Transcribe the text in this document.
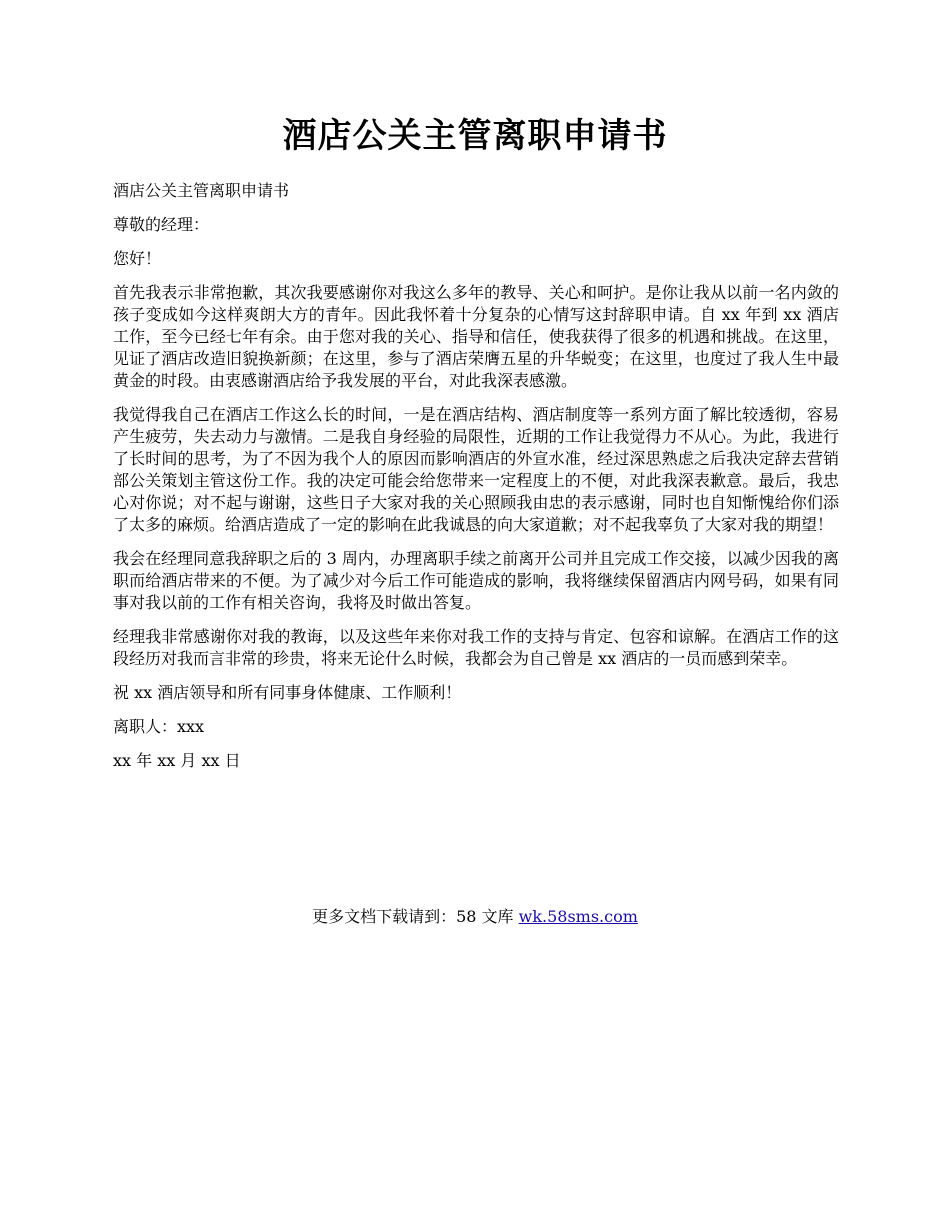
酒店公关主管离职申请书

酒店公关主管离职申请书

尊敬的经理：

您好！

首先我表示非常抱歉，其次我要感谢你对我这么多年的教导、关心和呵护。是你让我从以前一名内敛的孩子变成如今这样爽朗大方的青年。因此我怀着十分复杂的心情写这封辞职申请。自 xx 年到 xx 酒店工作，至今已经七年有余。由于您对我的关心、指导和信任，使我获得了很多的机遇和挑战。在这里，见证了酒店改造旧貌换新颜；在这里，参与了酒店荣膺五星的升华蜕变；在这里，也度过了我人生中最黄金的时段。由衷感谢酒店给予我发展的平台，对此我深表感激。

我觉得我自己在酒店工作这么长的时间，一是在酒店结构、酒店制度等一系列方面了解比较透彻，容易产生疲劳，失去动力与激情。二是我自身经验的局限性，近期的工作让我觉得力不从心。为此，我进行了长时间的思考，为了不因为我个人的原因而影响酒店的外宣水准，经过深思熟虑之后我决定辞去营销部公关策划主管这份工作。我的决定可能会给您带来一定程度上的不便，对此我深表歉意。最后，我忠心对你说；对不起与谢谢，这些日子大家对我的关心照顾我由忠的表示感谢，同时也自知惭愧给你们添了太多的麻烦。给酒店造成了一定的影响在此我诚恳的向大家道歉；对不起我辜负了大家对我的期望！

我会在经理同意我辞职之后的 3 周内，办理离职手续之前离开公司并且完成工作交接，以减少因我的离职而给酒店带来的不便。为了减少对今后工作可能造成的影响，我将继续保留酒店内网号码，如果有同事对我以前的工作有相关咨询，我将及时做出答复。

经理我非常感谢你对我的教诲，以及这些年来你对我工作的支持与肯定、包容和谅解。在酒店工作的这段经历对我而言非常的珍贵，将来无论什么时候，我都会为自己曾是 xx 酒店的一员而感到荣幸。

祝 xx 酒店领导和所有同事身体健康、工作顺利！

离职人：xxx

xx 年 xx 月 xx 日

更多文档下载请到：58 文库 wk.58sms.com
